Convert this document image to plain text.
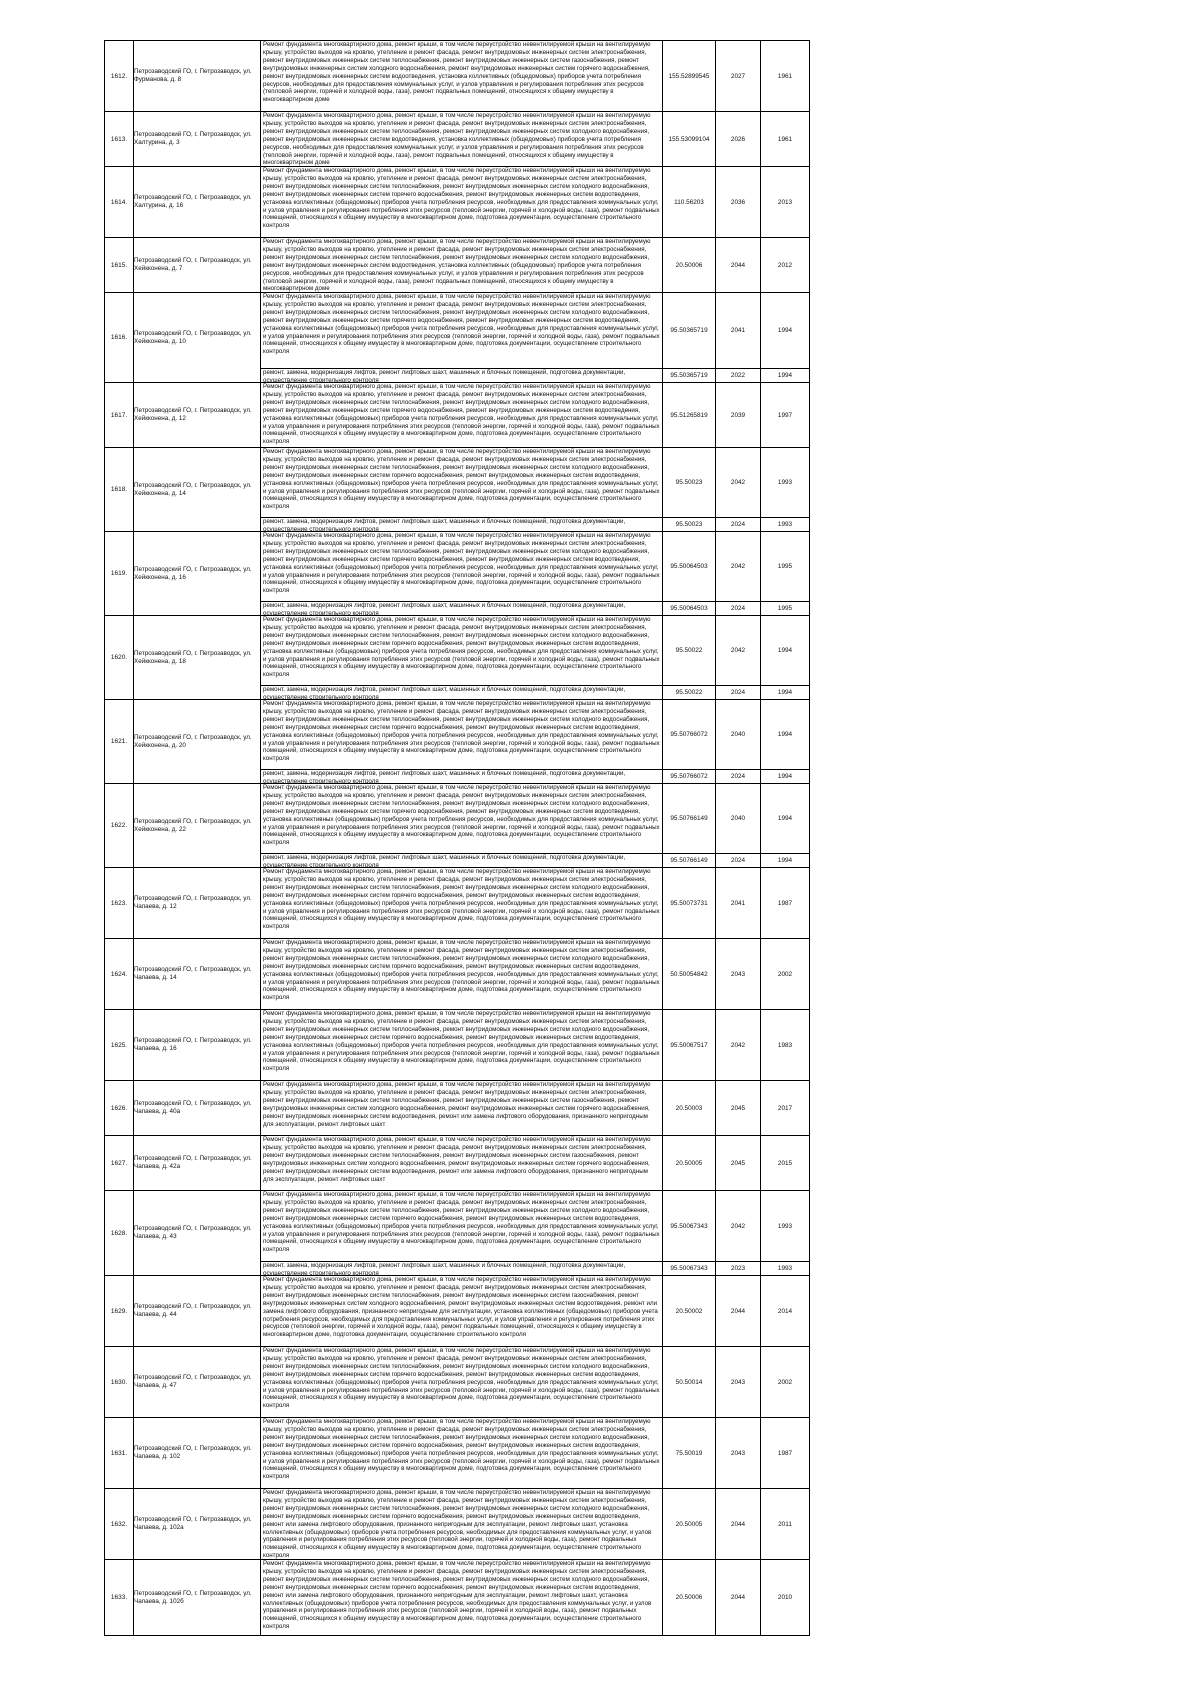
1612.	Петрозаводский ГО, г. Петрозаводск, ул. Фурманова, д. 8	Ремонт фундамента многоквартирного дома, ремонт крыши, в том числе переустройство невентилируемой крыши на вентилируемую крышу, устройство выходов на кровлю, утепление и ремонт фасада, ремонт внутридомовых инженерных систем электроснабжения, ремонт внутридомовых инженерных систем теплоснабжения, ремонт внутридомовых инженерных систем газоснабжения, ремонт внутридомовых инженерных систем холодного водоснабжения, ремонт внутридомовых инженерных систем горячего водоснабжения, ремонт внутридомовых инженерных систем водоотведения, установка коллективных (общедомовых) приборов учета потребления ресурсов, необходимых для предоставления коммунальных услуг, и узлов управления и регулирования потребления этих ресурсов (тепловой энергии, горячей и холодной воды, газа), ремонт подвальных помещений, относящихся к общему имуществу в многоквартирном доме	155.52899545	2027	1961
1613.	Петрозаводский ГО, г. Петрозаводск, ул. Халтурина, д. 3	Ремонт фундамента многоквартирного дома, ремонт крыши, в том числе переустройство невентилируемой крыши на вентилируемую крышу, устройство выходов на кровлю, утепление и ремонт фасада, ремонт внутридомовых инженерных систем электроснабжения, ремонт внутридомовых инженерных систем теплоснабжения, ремонт внутридомовых инженерных систем холодного водоснабжения, ремонт внутридомовых инженерных систем водоотведения, установка коллективных (общедомовых) приборов учета потребления ресурсов, необходимых для предоставления коммунальных услуг, и узлов управления и регулирования потребления этих ресурсов (тепловой энергии, горячей и холодной воды, газа), ремонт подвальных помещений, относящихся к общему имуществу в многоквартирном доме	155.53099104	2026	1961
1614.	Петрозаводский ГО, г. Петрозаводск, ул. Халтурина, д. 16	Ремонт фундамента многоквартирного дома, ремонт крыши, в том числе переустройство невентилируемой крыши на вентилируемую крышу, устройство выходов на кровлю, утепление и ремонт фасада, ремонт внутридомовых инженерных систем электроснабжения, ремонт внутридомовых инженерных систем теплоснабжения, ремонт внутридомовых инженерных систем холодного водоснабжения, ремонт внутридомовых инженерных систем горячего водоснабжения, ремонт внутридомовых инженерных систем водоотведения, установка коллективных (общедомовых) приборов учета потребления ресурсов, необходимых для предоставления коммунальных услуг, и узлов управления и регулирования потребления этих ресурсов (тепловой энергии, горячей и холодной воды, газа), ремонт подвальных помещений, относящихся к общему имуществу в многоквартирном доме, подготовка документации, осуществление строительного контроля	110.56203	2036	2013
1615.	Петрозаводский ГО, г. Петрозаводск, ул. Хейкконена, д. 7	Ремонт фундамента многоквартирного дома, ремонт крыши, в том числе переустройство невентилируемой крыши на вентилируемую крышу, устройство выходов на кровлю, утепление и ремонт фасада, ремонт внутридомовых инженерных систем электроснабжения, ремонт внутридомовых инженерных систем теплоснабжения, ремонт внутридомовых инженерных систем холодного водоснабжения, ремонт внутридомовых инженерных систем водоотведения, установка коллективных (общедомовых) приборов учета потребления ресурсов, необходимых для предоставления коммунальных услуг, и узлов управления и регулирования потребления этих ресурсов (тепловой энергии, горячей и холодной воды, газа), ремонт подвальных помещений, относящихся к общему имуществу в многоквартирном доме	20.50006	2044	2012
1616.	Петрозаводский ГО, г. Петрозаводск, ул. Хейкконена, д. 10	Ремонт фундамента многоквартирного дома, ремонт крыши, в том числе переустройство невентилируемой крыши на вентилируемую крышу, устройство выходов на кровлю, утепление и ремонт фасада, ремонт внутридомовых инженерных систем электроснабжения, ремонт внутридомовых инженерных систем теплоснабжения, ремонт внутридомовых инженерных систем холодного водоснабжения, ремонт внутридомовых инженерных систем горячего водоснабжения, ремонт внутридомовых инженерных систем водоотведения, установка коллективных (общедомовых) приборов учета потребления ресурсов, необходимых для предоставления коммунальных услуг, и узлов управления и регулирования потребления этих ресурсов (тепловой энергии, горячей и холодной воды, газа), ремонт подвальных помещений, относящихся к общему имуществу в многоквартирном доме, подготовка документации, осуществление строительного контроля	95.50365719	2041	1994

		ремонт, замена, модернизация лифтов, ремонт лифтовых шахт, машинных и блочных помещений, подготовка документации, осуществление строительного контроля	95.50365719	2022	1994
1617.	Петрозаводский ГО, г. Петрозаводск, ул. Хейкконена, д. 12	Ремонт фундамента многоквартирного дома, ремонт крыши, в том числе переустройство невентилируемой крыши на вентилируемую крышу, устройство выходов на кровлю, утепление и ремонт фасада, ремонт внутридомовых инженерных систем электроснабжения, ремонт внутридомовых инженерных систем теплоснабжения, ремонт внутридомовых инженерных систем холодного водоснабжения, ремонт внутридомовых инженерных систем горячего водоснабжения, ремонт внутридомовых инженерных систем водоотведения, установка коллективных (общедомовых) приборов учета потребления ресурсов, необходимых для предоставления коммунальных услуг, и узлов управления и регулирования потребления этих ресурсов (тепловой энергии, горячей и холодной воды, газа), ремонт подвальных помещений, относящихся к общему имуществу в многоквартирном доме, подготовка документации, осуществление строительного контроля	95.51265819	2039	1997
1618.	Петрозаводский ГО, г. Петрозаводск, ул. Хейкконена, д. 14	Ремонт фундамента многоквартирного дома, ремонт крыши, в том числе переустройство невентилируемой крыши на вентилируемую крышу, устройство выходов на кровлю, утепление и ремонт фасада, ремонт внутридомовых инженерных систем электроснабжения, ремонт внутридомовых инженерных систем теплоснабжения, ремонт внутридомовых инженерных систем холодного водоснабжения, ремонт внутридомовых инженерных систем горячего водоснабжения, ремонт внутридомовых инженерных систем водоотведения, установка коллективных (общедомовых) приборов учета потребления ресурсов, необходимых для предоставления коммунальных услуг, и узлов управления и регулирования потребления этих ресурсов (тепловой энергии, горячей и холодной воды, газа), ремонт подвальных помещений, относящихся к общему имуществу в многоквартирном доме, подготовка документации, осуществление строительного контроля	95.50023	2042	1993

		ремонт, замена, модернизация лифтов, ремонт лифтовых шахт, машинных и блочных помещений, подготовка документации, осуществление строительного контроля	95.50023	2024	1993
1619.	Петрозаводский ГО, г. Петрозаводск, ул. Хейкконена, д. 16	Ремонт фундамента многоквартирного дома, ремонт крыши, в том числе переустройство невентилируемой крыши на вентилируемую крышу, устройство выходов на кровлю, утепление и ремонт фасада, ремонт внутридомовых инженерных систем электроснабжения, ремонт внутридомовых инженерных систем теплоснабжения, ремонт внутридомовых инженерных систем холодного водоснабжения, ремонт внутридомовых инженерных систем горячего водоснабжения, ремонт внутридомовых инженерных систем водоотведения, установка коллективных (общедомовых) приборов учета потребления ресурсов, необходимых для предоставления коммунальных услуг, и узлов управления и регулирования потребления этих ресурсов (тепловой энергии, горячей и холодной воды, газа), ремонт подвальных помещений, относящихся к общему имуществу в многоквартирном доме, подготовка документации, осуществление строительного контроля	95.50064503	2042	1995

		ремонт, замена, модернизация лифтов, ремонт лифтовых шахт, машинных и блочных помещений, подготовка документации, осуществление строительного контроля	95.50064503	2024	1995
1620.	Петрозаводский ГО, г. Петрозаводск, ул. Хейкконена, д. 18	Ремонт фундамента многоквартирного дома, ремонт крыши, в том числе переустройство невентилируемой крыши на вентилируемую крышу, устройство выходов на кровлю, утепление и ремонт фасада, ремонт внутридомовых инженерных систем электроснабжения, ремонт внутридомовых инженерных систем теплоснабжения, ремонт внутридомовых инженерных систем холодного водоснабжения, ремонт внутридомовых инженерных систем горячего водоснабжения, ремонт внутридомовых инженерных систем водоотведения, установка коллективных (общедомовых) приборов учета потребления ресурсов, необходимых для предоставления коммунальных услуг, и узлов управления и регулирования потребления этих ресурсов (тепловой энергии, горячей и холодной воды, газа), ремонт подвальных помещений, относящихся к общему имуществу в многоквартирном доме, подготовка документации, осуществление строительного контроля	95.50022	2042	1994

		ремонт, замена, модернизация лифтов, ремонт лифтовых шахт, машинных и блочных помещений, подготовка документации, осуществление строительного контроля	95.50022	2024	1994
1621.	Петрозаводский ГО, г. Петрозаводск, ул. Хейкконена, д. 20	Ремонт фундамента многоквартирного дома, ремонт крыши, в том числе переустройство невентилируемой крыши на вентилируемую крышу, устройство выходов на кровлю, утепление и ремонт фасада, ремонт внутридомовых инженерных систем электроснабжения, ремонт внутридомовых инженерных систем теплоснабжения, ремонт внутридомовых инженерных систем холодного водоснабжения, ремонт внутридомовых инженерных систем горячего водоснабжения, ремонт внутридомовых инженерных систем водоотведения, установка коллективных (общедомовых) приборов учета потребления ресурсов, необходимых для предоставления коммунальных услуг, и узлов управления и регулирования потребления этих ресурсов (тепловой энергии, горячей и холодной воды, газа), ремонт подвальных помещений, относящихся к общему имуществу в многоквартирном доме, подготовка документации, осуществление строительного контроля	95.50766072	2040	1994

		ремонт, замена, модернизация лифтов, ремонт лифтовых шахт, машинных и блочных помещений, подготовка документации, осуществление строительного контроля	95.50766072	2024	1994
1622.	Петрозаводский ГО, г. Петрозаводск, ул. Хейкконена, д. 22	Ремонт фундамента многоквартирного дома, ремонт крыши, в том числе переустройство невентилируемой крыши на вентилируемую крышу, устройство выходов на кровлю, утепление и ремонт фасада, ремонт внутридомовых инженерных систем электроснабжения, ремонт внутридомовых инженерных систем теплоснабжения, ремонт внутридомовых инженерных систем холодного водоснабжения, ремонт внутридомовых инженерных систем горячего водоснабжения, ремонт внутридомовых инженерных систем водоотведения, установка коллективных (общедомовых) приборов учета потребления ресурсов, необходимых для предоставления коммунальных услуг, и узлов управления и регулирования потребления этих ресурсов (тепловой энергии, горячей и холодной воды, газа), ремонт подвальных помещений, относящихся к общему имуществу в многоквартирном доме, подготовка документации, осуществление строительного контроля	95.50766149	2040	1994

		ремонт, замена, модернизация лифтов, ремонт лифтовых шахт, машинных и блочных помещений, подготовка документации, осуществление строительного контроля	95.50766149	2024	1994
1623.	Петрозаводский ГО, г. Петрозаводск, ул. Чапаева, д. 12	Ремонт фундамента многоквартирного дома, ремонт крыши, в том числе переустройство невентилируемой крыши на вентилируемую крышу, устройство выходов на кровлю, утепление и ремонт фасада, ремонт внутридомовых инженерных систем электроснабжения, ремонт внутридомовых инженерных систем теплоснабжения, ремонт внутридомовых инженерных систем холодного водоснабжения, ремонт внутридомовых инженерных систем горячего водоснабжения, ремонт внутридомовых инженерных систем водоотведения, установка коллективных (общедомовых) приборов учета потребления ресурсов, необходимых для предоставления коммунальных услуг, и узлов управления и регулирования потребления этих ресурсов (тепловой энергии, горячей и холодной воды, газа), ремонт подвальных помещений, относящихся к общему имуществу в многоквартирном доме, подготовка документации, осуществление строительного контроля	95.50073731	2041	1987
1624.	Петрозаводский ГО, г. Петрозаводск, ул. Чапаева, д. 14	Ремонт фундамента многоквартирного дома, ремонт крыши, в том числе переустройство невентилируемой крыши на вентилируемую крышу, устройство выходов на кровлю, утепление и ремонт фасада, ремонт внутридомовых инженерных систем электроснабжения, ремонт внутридомовых инженерных систем теплоснабжения, ремонт внутридомовых инженерных систем холодного водоснабжения, ремонт внутридомовых инженерных систем горячего водоснабжения, ремонт внутридомовых инженерных систем водоотведения, установка коллективных (общедомовых) приборов учета потребления ресурсов, необходимых для предоставления коммунальных услуг, и узлов управления и регулирования потребления этих ресурсов (тепловой энергии, горячей и холодной воды, газа), ремонт подвальных помещений, относящихся к общему имуществу в многоквартирном доме, подготовка документации, осуществление строительного контроля	50.50054842	2043	2002
1625.	Петрозаводский ГО, г. Петрозаводск, ул. Чапаева, д. 16	Ремонт фундамента многоквартирного дома, ремонт крыши, в том числе переустройство невентилируемой крыши на вентилируемую крышу, устройство выходов на кровлю, утепление и ремонт фасада, ремонт внутридомовых инженерных систем электроснабжения, ремонт внутридомовых инженерных систем теплоснабжения, ремонт внутридомовых инженерных систем холодного водоснабжения, ремонт внутридомовых инженерных систем горячего водоснабжения, ремонт внутридомовых инженерных систем водоотведения, установка коллективных (общедомовых) приборов учета потребления ресурсов, необходимых для предоставления коммунальных услуг, и узлов управления и регулирования потребления этих ресурсов (тепловой энергии, горячей и холодной воды, газа), ремонт подвальных помещений, относящихся к общему имуществу в многоквартирном доме, подготовка документации, осуществление строительного контроля	95.50067517	2042	1983
1626.	Петрозаводский ГО, г. Петрозаводск, ул. Чапаева, д. 40а	Ремонт фундамента многоквартирного дома, ремонт крыши, в том числе переустройство невентилируемой крыши на вентилируемую крышу, устройство выходов на кровлю, утепление и ремонт фасада, ремонт внутридомовых инженерных систем электроснабжения, ремонт внутридомовых инженерных систем теплоснабжения, ремонт внутридомовых инженерных систем газоснабжения, ремонт внутридомовых инженерных систем холодного водоснабжения, ремонт внутридомовых инженерных систем горячего водоснабжения, ремонт внутридомовых инженерных систем водоотведения, ремонт или замена лифтового оборудования, признанного непригодным для эксплуатации, ремонт лифтовых шахт	20.50003	2045	2017
1627.	Петрозаводский ГО, г. Петрозаводск, ул. Чапаева, д. 42а	Ремонт фундамента многоквартирного дома, ремонт крыши, в том числе переустройство невентилируемой крыши на вентилируемую крышу, устройство выходов на кровлю, утепление и ремонт фасада, ремонт внутридомовых инженерных систем электроснабжения, ремонт внутридомовых инженерных систем теплоснабжения, ремонт внутридомовых инженерных систем газоснабжения, ремонт внутридомовых инженерных систем холодного водоснабжения, ремонт внутридомовых инженерных систем горячего водоснабжения, ремонт внутридомовых инженерных систем водоотведения, ремонт или замена лифтового оборудования, признанного непригодным для эксплуатации, ремонт лифтовых шахт	20.50005	2045	2015
1628.	Петрозаводский ГО, г. Петрозаводск, ул. Чапаева, д. 43	Ремонт фундамента многоквартирного дома, ремонт крыши, в том числе переустройство невентилируемой крыши на вентилируемую крышу, устройство выходов на кровлю, утепление и ремонт фасада, ремонт внутридомовых инженерных систем электроснабжения, ремонт внутридомовых инженерных систем теплоснабжения, ремонт внутридомовых инженерных систем холодного водоснабжения, ремонт внутридомовых инженерных систем горячего водоснабжения, ремонт внутридомовых инженерных систем водоотведения, установка коллективных (общедомовых) приборов учета потребления ресурсов, необходимых для предоставления коммунальных услуг, и узлов управления и регулирования потребления этих ресурсов (тепловой энергии, горячей и холодной воды, газа), ремонт подвальных помещений, относящихся к общему имуществу в многоквартирном доме, подготовка документации, осуществление строительного контроля	95.50067343	2042	1993

		ремонт, замена, модернизация лифтов, ремонт лифтовых шахт, машинных и блочных помещений, подготовка документации, осуществление строительного контроля	95.50067343	2023	1993
1629.	Петрозаводский ГО, г. Петрозаводск, ул. Чапаева, д. 44	Ремонт фундамента многоквартирного дома, ремонт крыши, в том числе переустройство невентилируемой крыши на вентилируемую крышу, устройство выходов на кровлю, утепление и ремонт фасада, ремонт внутридомовых инженерных систем электроснабжения, ремонт внутридомовых инженерных систем теплоснабжения, ремонт внутридомовых инженерных систем газоснабжения, ремонт внутридомовых инженерных систем холодного водоснабжения, ремонт внутридомовых инженерных систем водоотведения, ремонт или замена лифтового оборудования, признанного непригодным для эксплуатации, установка коллективных (общедомовых) приборов учета потребления ресурсов, необходимых для предоставления коммунальных услуг, и узлов управления и регулирования потребления этих ресурсов (тепловой энергии, горячей и холодной воды, газа), ремонт подвальных помещений, относящихся к общему имуществу в многоквартирном доме, подготовка документации, осуществление строительного контроля	20.50002	2044	2014
1630.	Петрозаводский ГО, г. Петрозаводск, ул. Чапаева, д. 47	Ремонт фундамента многоквартирного дома, ремонт крыши, в том числе переустройство невентилируемой крыши на вентилируемую крышу, устройство выходов на кровлю, утепление и ремонт фасада, ремонт внутридомовых инженерных систем электроснабжения, ремонт внутридомовых инженерных систем теплоснабжения, ремонт внутридомовых инженерных систем холодного водоснабжения, ремонт внутридомовых инженерных систем горячего водоснабжения, ремонт внутридомовых инженерных систем водоотведения, установка коллективных (общедомовых) приборов учета потребления ресурсов, необходимых для предоставления коммунальных услуг, и узлов управления и регулирования потребления этих ресурсов (тепловой энергии, горячей и холодной воды, газа), ремонт подвальных помещений, относящихся к общему имуществу в многоквартирном доме, подготовка документации, осуществление строительного контроля	50.50014	2043	2002
1631.	Петрозаводский ГО, г. Петрозаводск, ул. Чапаева, д. 102	Ремонт фундамента многоквартирного дома, ремонт крыши, в том числе переустройство невентилируемой крыши на вентилируемую крышу, устройство выходов на кровлю, утепление и ремонт фасада, ремонт внутридомовых инженерных систем электроснабжения, ремонт внутридомовых инженерных систем теплоснабжения, ремонт внутридомовых инженерных систем холодного водоснабжения, ремонт внутридомовых инженерных систем горячего водоснабжения, ремонт внутридомовых инженерных систем водоотведения, установка коллективных (общедомовых) приборов учета потребления ресурсов, необходимых для предоставления коммунальных услуг, и узлов управления и регулирования потребления этих ресурсов (тепловой энергии, горячей и холодной воды, газа), ремонт подвальных помещений, относящихся к общему имуществу в многоквартирном доме, подготовка документации, осуществление строительного контроля	75.50019	2043	1987
1632.	Петрозаводский ГО, г. Петрозаводск, ул. Чапаева, д. 102а	Ремонт фундамента многоквартирного дома, ремонт крыши, в том числе переустройство невентилируемой крыши на вентилируемую крышу, устройство выходов на кровлю, утепление и ремонт фасада, ремонт внутридомовых инженерных систем электроснабжения, ремонт внутридомовых инженерных систем теплоснабжения, ремонт внутридомовых инженерных систем холодного водоснабжения, ремонт внутридомовых инженерных систем горячего водоснабжения, ремонт внутридомовых инженерных систем водоотведения, ремонт или замена лифтового оборудования, признанного непригодным для эксплуатации, ремонт лифтовых шахт, установка коллективных (общедомовых) приборов учета потребления ресурсов, необходимых для предоставления коммунальных услуг, и узлов управления и регулирования потребления этих ресурсов (тепловой энергии, горячей и холодной воды, газа), ремонт подвальных помещений, относящихся к общему имуществу в многоквартирном доме, подготовка документации, осуществление строительного контроля	20.50005	2044	2011
1633.	Петрозаводский ГО, г. Петрозаводск, ул. Чапаева, д. 102б	Ремонт фундамента многоквартирного дома, ремонт крыши, в том числе переустройство невентилируемой крыши на вентилируемую крышу, устройство выходов на кровлю, утепление и ремонт фасада, ремонт внутридомовых инженерных систем электроснабжения, ремонт внутридомовых инженерных систем теплоснабжения, ремонт внутридомовых инженерных систем холодного водоснабжения, ремонт внутридомовых инженерных систем горячего водоснабжения, ремонт внутридомовых инженерных систем водоотведения, ремонт или замена лифтового оборудования, признанного непригодным для эксплуатации, ремонт лифтовых шахт, установка коллективных (общедомовых) приборов учета потребления ресурсов, необходимых для предоставления коммунальных услуг, и узлов управления и регулирования потребления этих ресурсов (тепловой энергии, горячей и холодной воды, газа), ремонт подвальных помещений, относящихся к общему имуществу в многоквартирном доме, подготовка документации, осуществление строительного контроля	20.50006	2044	2010
